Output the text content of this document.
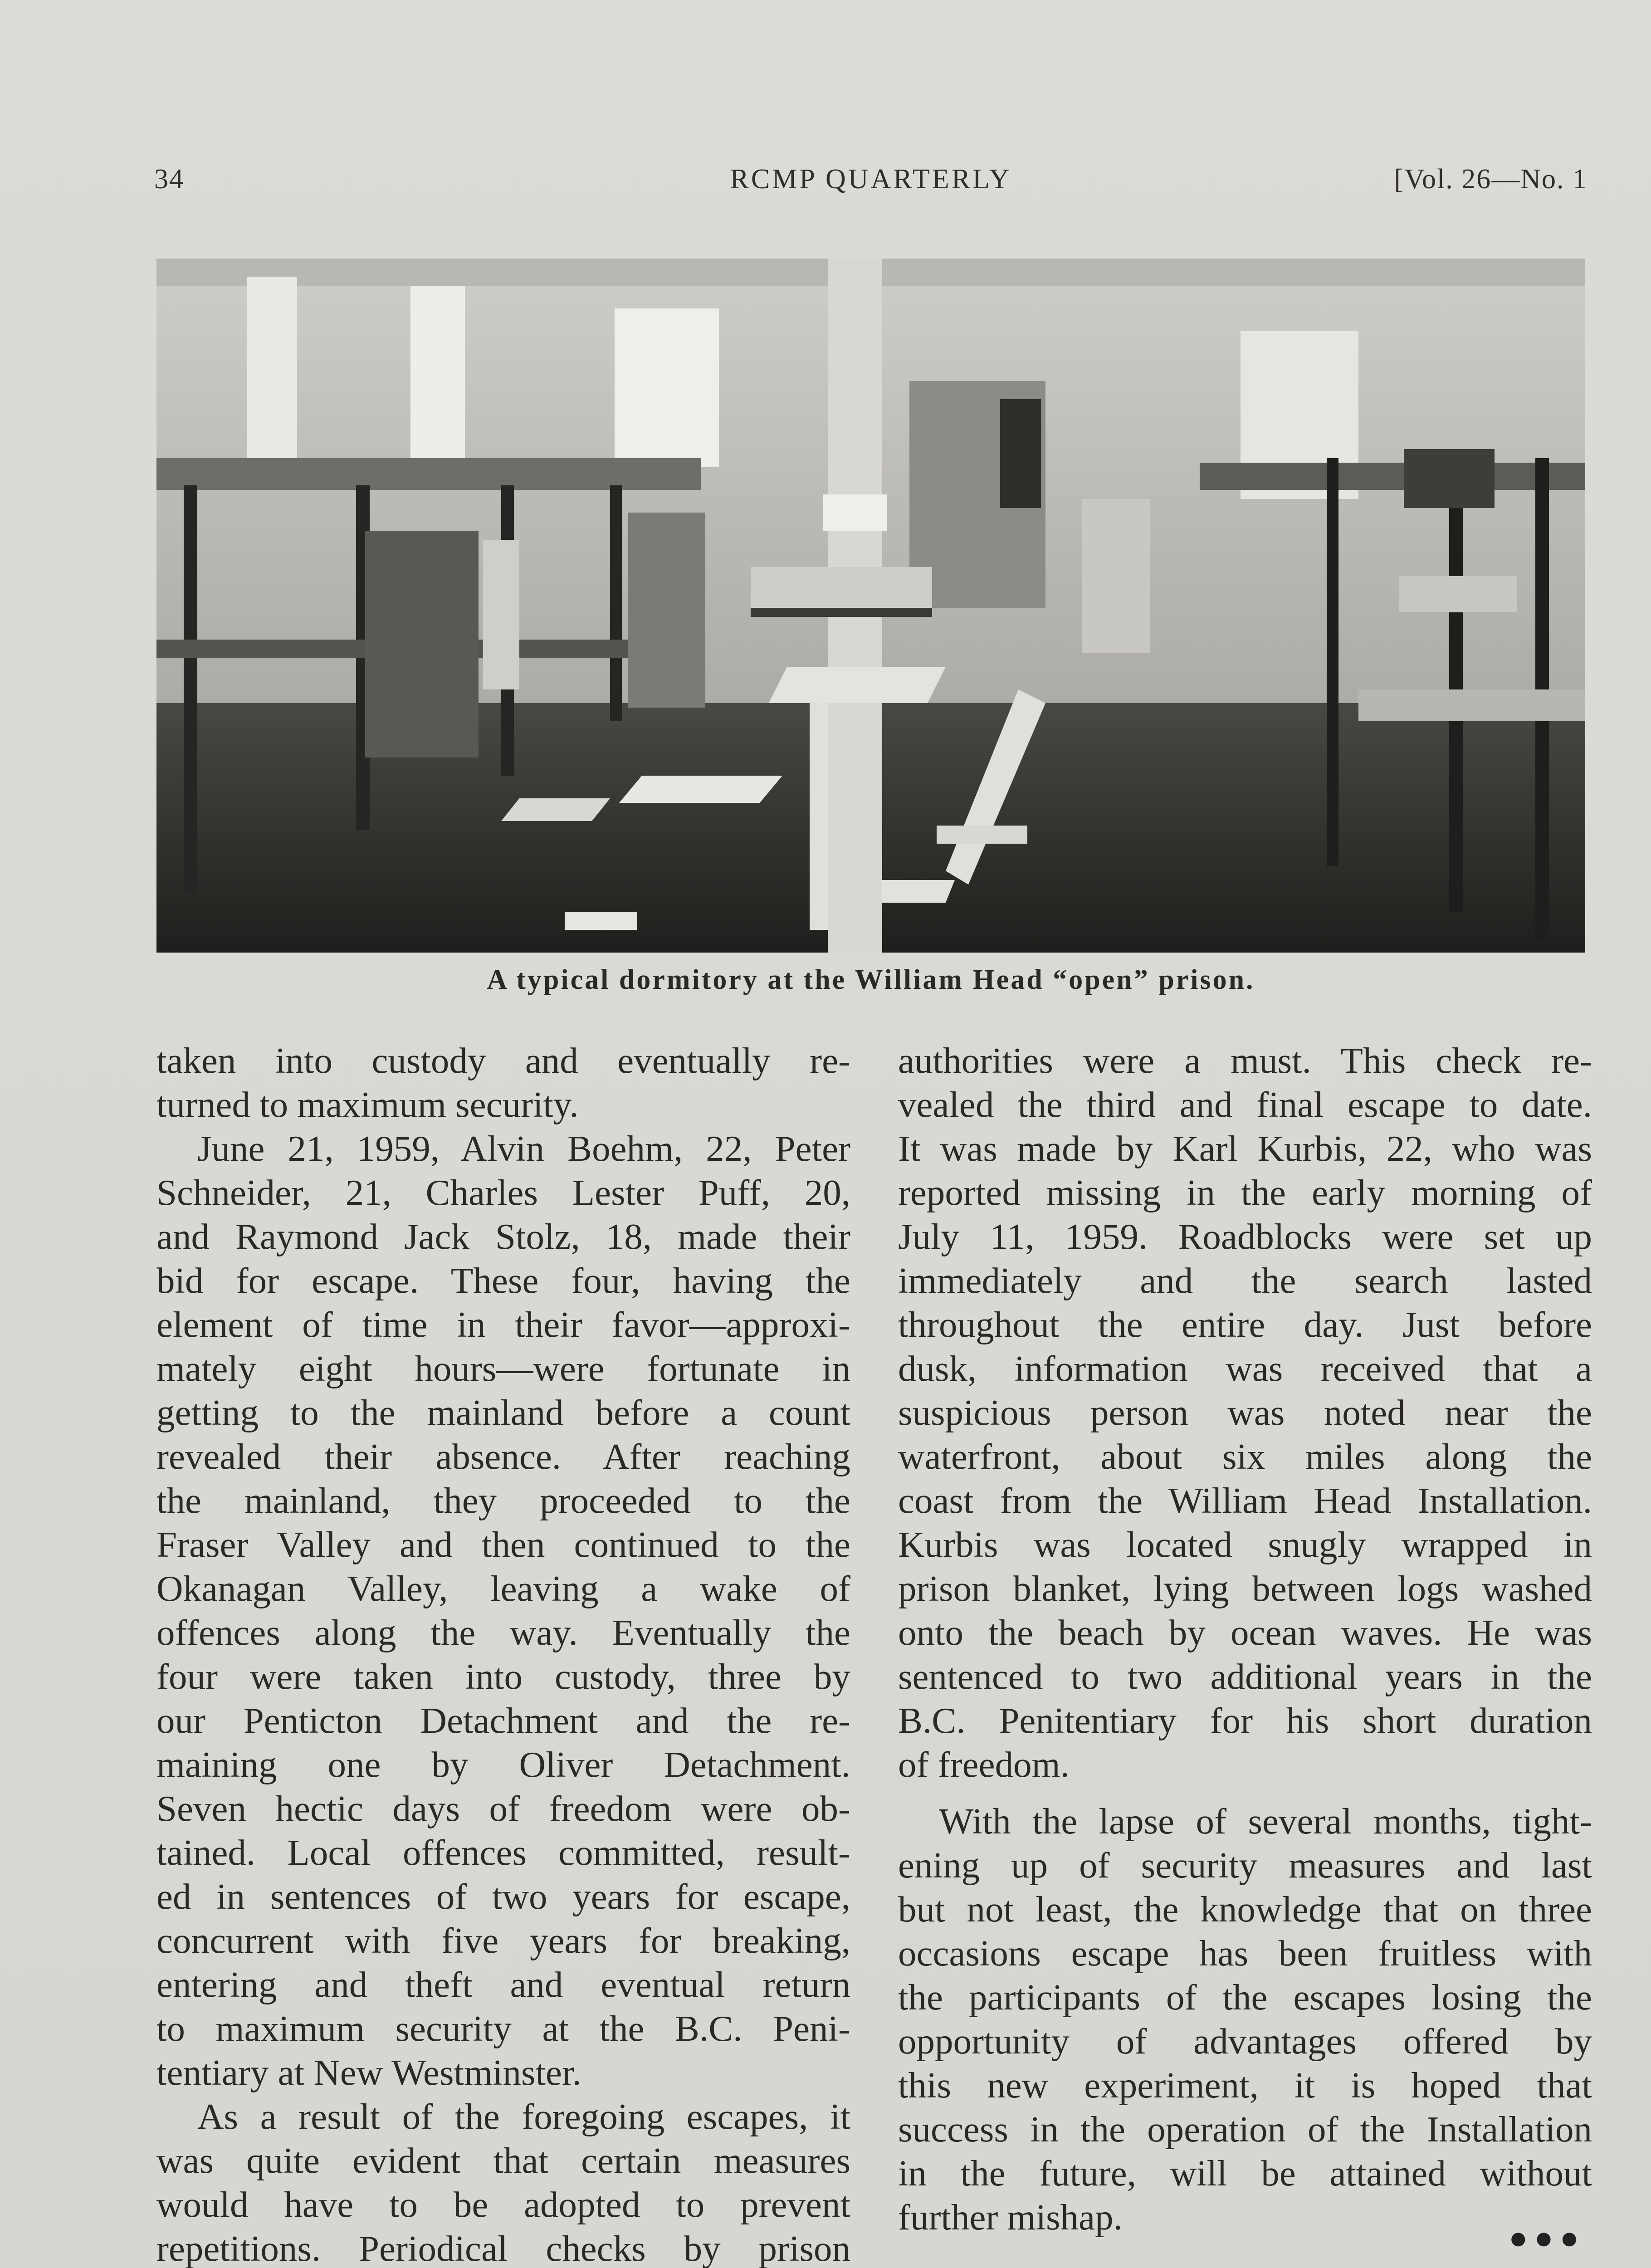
34	RCMP QUARTERLY	[Vol. 26—No. 1
A typical dormitory at the William Head “open” prison.
taken into custody and eventually re-
turned to maximum security.
June 21, 1959, Alvin Boehm, 22, Peter
Schneider, 21, Charles Lester Puff, 20,
and Raymond Jack Stolz, 18, made their
bid for escape. These four, having the
element of time in their favor—approxi-
mately eight hours—were fortunate in
getting to the mainland before a count
revealed their absence. After reaching
the mainland, they proceeded to the
Fraser Valley and then continued to the
Okanagan Valley, leaving a wake of
offences along the way. Eventually the
four were taken into custody, three by
our Penticton Detachment and the re-
maining one by Oliver Detachment.
Seven hectic days of freedom were ob-
tained. Local offences committed, result-
ed in sentences of two years for escape,
concurrent with five years for breaking,
entering and theft and eventual return
to maximum security at the B.C. Peni-
tentiary at New Westminster.
As a result of the foregoing escapes, it
was quite evident that certain measures
would have to be adopted to prevent
repetitions. Periodical checks by prison
authorities were a must. This check re-
vealed the third and final escape to date.
It was made by Karl Kurbis, 22, who was
reported missing in the early morning of
July 11, 1959. Roadblocks were set up
immediately and the search lasted
throughout the entire day. Just before
dusk, information was received that a
suspicious person was noted near the
waterfront, about six miles along the
coast from the William Head Installation.
Kurbis was located snugly wrapped in
prison blanket, lying between logs washed
onto the beach by ocean waves. He was
sentenced to two additional years in the
B.C. Penitentiary for his short duration
of freedom.
With the lapse of several months, tight-
ening up of security measures and last
but not least, the knowledge that on three
occasions escape has been fruitless with
the participants of the escapes losing the
opportunity of advantages offered by
this new experiment, it is hoped that
success in the operation of the Installation
in the future, will be attained without
further mishap.
●●●
